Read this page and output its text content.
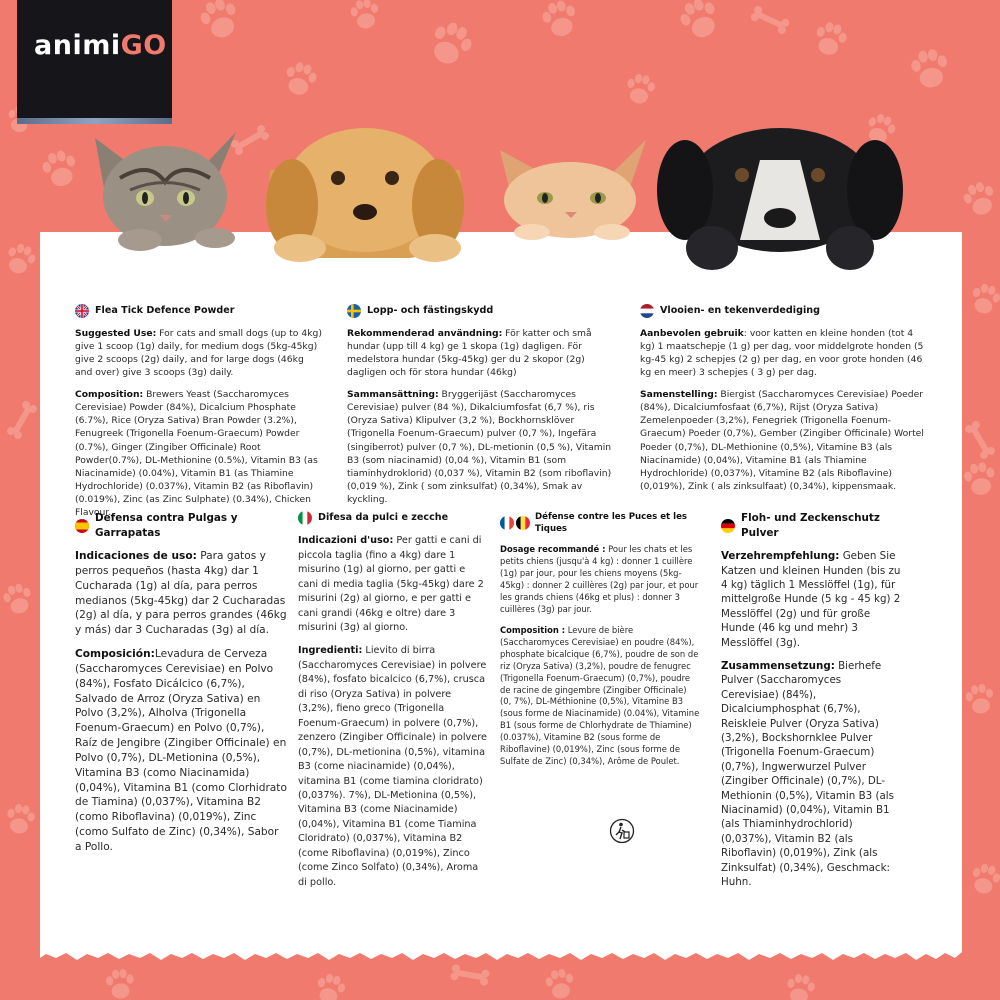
animiGO
Flea Tick Defence Powder

Suggested Use: For cats and small dogs (up to 4kg) give 1 scoop (1g) daily, for medium dogs (5kg-45kg) give 2 scoops (2g) daily, and for large dogs (46kg and over) give 3 scoops (3g) daily.

Composition: Brewers Yeast (Saccharomyces Cerevisiae) Powder (84%), Dicalcium Phosphate (6.7%), Rice (Oryza Sativa) Bran Powder (3.2%), Fenugreek (Trigonella Foenum-Graecum) Powder (0.7%), Ginger (Zingiber Officinale) Root Powder(0.7%), DL-Methionine (0.5%), Vitamin B3 (as Niacinamide) (0.04%), Vitamin B1 (as Thiamine Hydrochloride) (0.037%), Vitamin B2 (as Riboflavin) (0.019%), Zinc (as Zinc Sulphate) (0.34%), Chicken Flavour.

Lopp- och fästingskydd

Rekommenderad användning: För katter och små hundar (upp till 4 kg) ge 1 skopa (1g) dagligen. För medelstora hundar (5kg-45kg) ger du 2 skopor (2g) dagligen och för stora hundar (46kg)

Sammansättning: Bryggerijäst (Saccharomyces Cerevisiae) pulver (84 %), Dikalciumfosfat (6,7 %), ris (Oryza Sativa) Klipulver (3,2 %), Bockhornsklöver (Trigonella Foenum-Graecum) pulver (0,7 %), Ingefära (singiberrot) pulver (0,7 %), DL-metionin (0,5 %), Vitamin B3 (som niacinamid) (0,04 %), Vitamin B1 (som tiaminhydroklorid) (0,037 %), Vitamin B2 (som riboflavin) (0,019 %), Zink ( som zinksulfat) (0,34%), Smak av kyckling.

Vlooien- en tekenverdediging

Aanbevolen gebruik: voor katten en kleine honden (tot 4 kg) 1 maatschepje (1 g) per dag, voor middelgrote honden (5 kg-45 kg) 2 schepjes (2 g) per dag, en voor grote honden (46 kg en meer) 3 schepjes ( 3 g) per dag.

Samenstelling: Biergist (Saccharomyces Cerevisiae) Poeder (84%), Dicalciumfosfaat (6,7%), Rijst (Oryza Sativa) Zemelenpoeder (3,2%), Fenegriek (Trigonella Foenum-Graecum) Poeder (0,7%), Gember (Zingiber Officinale) Wortel Poeder (0,7%), DL-Methionine (0,5%), Vitamine B3 (als Niacinamide) (0,04%), Vitamine B1 (als Thiamine Hydrochloride) (0,037%), Vitamine B2 (als Riboflavine) (0,019%), Zink ( als zinksulfaat) (0,34%), kippensmaak.

Defensa contra Pulgas y Garrapatas

Indicaciones de uso: Para gatos y perros pequeños (hasta 4kg) dar 1 Cucharada (1g) al día, para perros medianos (5kg-45kg) dar 2 Cucharadas (2g) al día, y para perros grandes (46kg y más) dar 3 Cucharadas (3g) al día.

Composición:Levadura de Cerveza (Saccharomyces Cerevisiae) en Polvo (84%), Fosfato Dicálcico (6,7%), Salvado de Arroz (Oryza Sativa) en Polvo (3,2%), Alholva (Trigonella Foenum-Graecum) en Polvo (0,7%), Raíz de Jengibre (Zingiber Officinale) en Polvo (0,7%), DL-Metionina (0,5%), Vitamina B3 (como Niacinamida) (0,04%), Vitamina B1 (como Clorhidrato de Tiamina) (0,037%), Vitamina B2 (como Riboflavina) (0,019%), Zinc (como Sulfato de Zinc) (0,34%), Sabor a Pollo.

Difesa da pulci e zecche

Indicazioni d'uso: Per gatti e cani di piccola taglia (fino a 4kg) dare 1 misurino (1g) al giorno, per gatti e cani di media taglia (5kg-45kg) dare 2 misurini (2g) al giorno, e per gatti e cani grandi (46kg e oltre) dare 3 misurini (3g) al giorno.

Ingredienti: Lievito di birra (Saccharomyces Cerevisiae) in polvere (84%), fosfato bicalcico (6,7%), crusca di riso (Oryza Sativa) in polvere (3,2%), fieno greco (Trigonella Foenum-Graecum) in polvere (0,7%), zenzero (Zingiber Officinale) in polvere (0,7%), DL-metionina (0,5%), vitamina B3 (come niacinamide) (0,04%), vitamina B1 (come tiamina cloridrato) (0,037%). 7%), DL-Metionina (0,5%), Vitamina B3 (come Niacinamide) (0,04%), Vitamina B1 (come Tiamina Cloridrato) (0,037%), Vitamina B2 (come Riboflavina) (0,019%), Zinco (come Zinco Solfato) (0,34%), Aroma di pollo.

Défense contre les Puces et les Tiques

Dosage recommandé : Pour les chats et les petits chiens (jusqu'à 4 kg) : donner 1 cuillère (1g) par jour, pour les chiens moyens (5kg-45kg) : donner 2 cuillères (2g) par jour, et pour les grands chiens (46kg et plus) : donner 3 cuillères (3g) par jour.

Composition : Levure de bière (Saccharomyces Cerevisiae) en poudre (84%), phosphate bicalcique (6,7%), poudre de son de riz (Oryza Sativa) (3,2%), poudre de fenugrec (Trigonella Foenum-Graecum) (0,7%), poudre de racine de gingembre (Zingiber Officinale) (0, 7%), DL-Méthionine (0,5%), Vitamine B3 (sous forme de Niacinamide) (0.04%), Vitamine B1 (sous forme de Chlorhydrate de Thiamine) (0.037%), Vitamine B2 (sous forme de Riboflavine) (0,019%), Zinc (sous forme de Sulfate de Zinc) (0,34%), Arôme de Poulet.

Floh- und Zeckenschutz Pulver

Verzehrempfehlung: Geben Sie Katzen und kleinen Hunden (bis zu 4 kg) täglich 1 Messlöffel (1g), für mittelgroße Hunde (5 kg - 45 kg) 2 Messlöffel (2g) und für große Hunde (46 kg und mehr) 3 Messlöffel (3g).

Zusammensetzung: Bierhefe Pulver (Saccharomyces Cerevisiae) (84%), Dicalciumphosphat (6,7%), Reiskleie Pulver (Oryza Sativa) (3,2%), Bockshornklee Pulver (Trigonella Foenum-Graecum) (0,7%), Ingwerwurzel Pulver (Zingiber Officinale) (0,7%), DL-Methionin (0,5%), Vitamin B3 (als Niacinamid) (0,04%), Vitamin B1 (als Thiaminhydrochlorid) (0,037%), Vitamin B2 (als Riboflavin) (0,019%), Zink (als Zinksulfat) (0,34%), Geschmack: Huhn.
